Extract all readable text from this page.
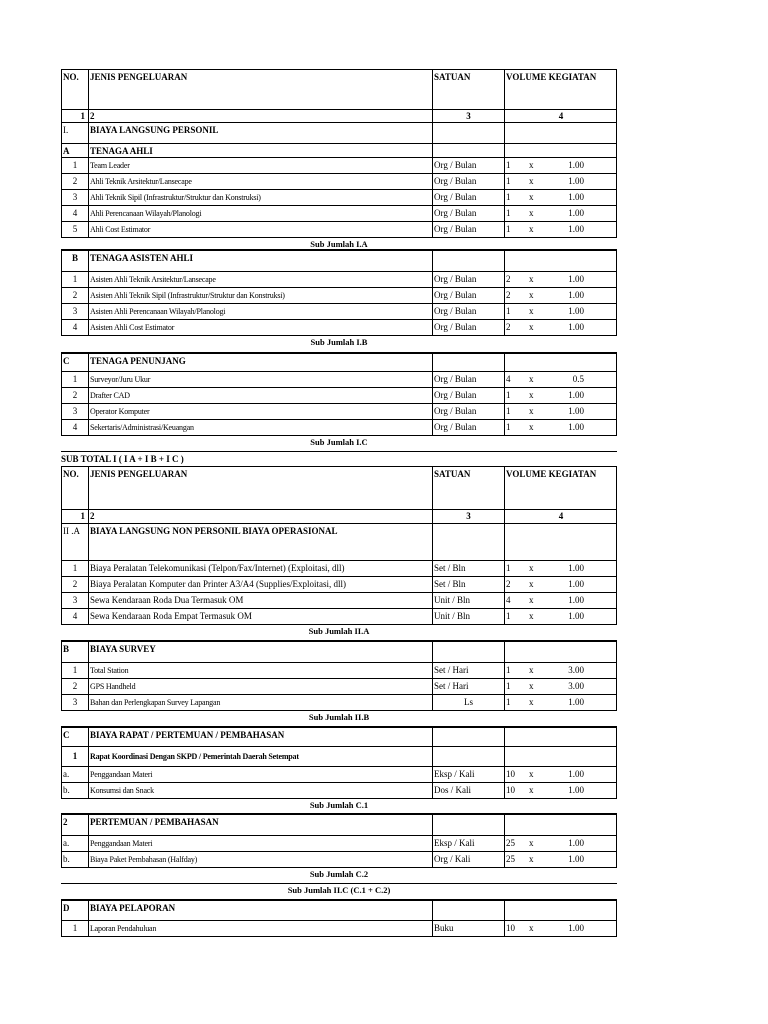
NO.	JENIS PENGELUARAN	SATUAN	VOLUME KEGIATAN
1 2	3	4
I.	BIAYA LANGSUNG PERSONIL
A	TENAGA AHLI
1	Team Leader	Org / Bulan	1 x	1.00
2	Ahli Teknik Arsitektur/Lansecape	Org / Bulan	1 x	1.00
3	Ahli Teknik Sipil (Infrastruktur/Struktur dan Konstruksi)	Org / Bulan	1 x	1.00
4	Ahli Perencanaan Wilayah/Planologi	Org / Bulan	1 x	1.00
5	Ahli Cost Estimator	Org / Bulan	1 x	1.00
Sub Jumlah I.A
B	TENAGA ASISTEN AHLI
1	Asisten Ahli Teknik Arsitektur/Lansecape	Org / Bulan	2 x	1.00
2	Asisten Ahli Teknik Sipil (Infrastruktur/Struktur dan Konstruksi)	Org / Bulan	2 x	1.00
3	Asisten Ahli Perencanaan Wilayah/Planologi	Org / Bulan	1 x	1.00
4	Asisten Ahli Cost Estimator	Org / Bulan	2 x	1.00
Sub Jumlah I.B
C	TENAGA PENUNJANG
1	Surveyor/Juru Ukur	Org / Bulan	4 x	0.5
2	Drafter CAD	Org / Bulan	1 x	1.00
3	Operator Komputer	Org / Bulan	1 x	1.00
4	Sekertaris/Administrasi/Keuangan	Org / Bulan	1 x	1.00
Sub Jumlah I.C
SUB TOTAL I ( I A + I B + I C )
NO.	JENIS PENGELUARAN	SATUAN	VOLUME KEGIATAN
1 2	3	4
II .A	BIAYA LANGSUNG NON PERSONIL BIAYA OPERASIONAL
1	Biaya Peralatan Telekomunikasi (Telpon/Fax/Internet) (Exploitasi, dll)	Set / Bln	1 x	1.00
2	Biaya Peralatan Komputer dan Printer A3/A4 (Supplies/Exploitasi, dll)	Set / Bln	2 x	1.00
3	Sewa Kendaraan Roda Dua Termasuk OM	Unit / Bln	4 x	1.00
4	Sewa Kendaraan Roda Empat Termasuk OM	Unit / Bln	1 x	1.00
Sub Jumlah II.A
B	BIAYA SURVEY
1	Total Station	Set / Hari	1 x	3.00
2	GPS Handheld	Set / Hari	1 x	3.00
3	Bahan dan Perlengkapan Survey Lapangan	Ls	1 x	1.00
Sub Jumlah II.B
C	BIAYA RAPAT / PERTEMUAN / PEMBAHASAN
1	Rapat Koordinasi Dengan SKPD / Pemerintah Daerah Setempat
a.	Penggandaan Materi	Eksp / Kali	10 x	1.00
b.	Konsumsi dan Snack	Dos / Kali	10 x	1.00
Sub Jumlah C.1
2	PERTEMUAN / PEMBAHASAN
a.	Penggandaan Materi	Eksp / Kali	25 x	1.00
b.	Biaya Paket Pembahasan (Halfday)	Org / Kali	25 x	1.00
Sub Jumlah C.2
Sub Jumlah II.C (C.1 + C.2)
D	BIAYA PELAPORAN
1	Laporan Pendahuluan	Buku	10 x	1.00
